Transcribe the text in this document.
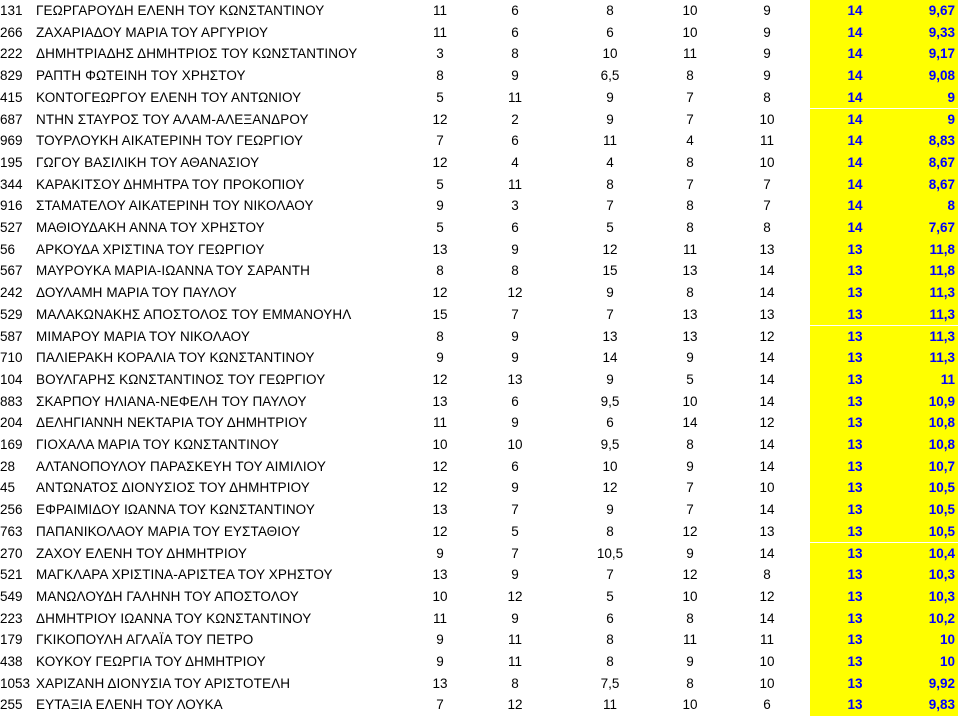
131 ΓΕΩΡΓΑΡΟΥΔΗ ΕΛΕΝΗ ΤΟΥ ΚΩΝΣΤΑΝΤΙΝΟΥ	11	6	8	10	9	14	9,67
266 ΖΑΧΑΡΙΑΔΟΥ ΜΑΡΙΑ ΤΟΥ ΑΡΓΥΡΙΟΥ	11	6	6	10	9	14	9,33
222 ΔΗΜΗΤΡΙΑΔΗΣ ΔΗΜΗΤΡΙΟΣ ΤΟΥ ΚΩΝΣΤΑΝΤΙΝΟΥ	3	8	10	11	9	14	9,17
829 ΡΑΠΤΗ ΦΩΤΕΙΝΗ ΤΟΥ ΧΡΗΣΤΟΥ	8	9	6,5	8	9	14	9,08
415 ΚΟΝΤΟΓΕΩΡΓΟΥ ΕΛΕΝΗ ΤΟΥ ΑΝΤΩΝΙΟΥ	5	11	9	7	8	14	9
687 ΝΤΗΝ ΣΤΑΥΡΟΣ ΤΟΥ ΑΛΑΜ-ΑΛΕΞΑΝΔΡΟΥ	12	2	9	7	10	14	9
969 ΤΟΥΡΛΟΥΚΗ ΑΙΚΑΤΕΡΙΝΗ ΤΟΥ ΓΕΩΡΓΙΟΥ	7	6	11	4	11	14	8,83
195 ΓΩΓΟΥ ΒΑΣΙΛΙΚΗ ΤΟΥ ΑΘΑΝΑΣΙΟΥ	12	4	4	8	10	14	8,67
344 ΚΑΡΑΚΙΤΣΟΥ ΔΗΜΗΤΡΑ ΤΟΥ ΠΡΟΚΟΠΙΟΥ	5	11	8	7	7	14	8,67
916 ΣΤΑΜΑΤΕΛΟΥ ΑΙΚΑΤΕΡΙΝΗ ΤΟΥ ΝΙΚΟΛΑΟΥ	9	3	7	8	7	14	8
527 ΜΑΘΙΟΥΔΑΚΗ ΑΝΝΑ ΤΟΥ ΧΡΗΣΤΟΥ	5	6	5	8	8	14	7,67
56	ΑΡΚΟΥΔΑ ΧΡΙΣΤΙΝΑ ΤΟΥ ΓΕΩΡΓΙΟΥ	13	9	12	11	13	13	11,8
567 ΜΑΥΡΟΥΚΑ ΜΑΡΙΑ-ΙΩΑΝΝΑ ΤΟΥ ΣΑΡΑΝΤΗ	8	8	15	13	14	13	11,8
242 ΔΟΥΛΑΜΗ ΜΑΡΙΑ ΤΟΥ ΠΑΥΛΟΥ	12	12	9	8	14	13	11,3
529 ΜΑΛΑΚΩΝΑΚΗΣ ΑΠΟΣΤΟΛΟΣ ΤΟΥ ΕΜΜΑΝΟΥΗΛ	15	7	7	13	13	13	11,3
587 ΜΙΜΑΡΟΥ ΜΑΡΙΑ ΤΟΥ ΝΙΚΟΛΑΟΥ	8	9	13	13	12	13	11,3
710 ΠΑΛΙΕΡΑΚΗ ΚΟΡΑΛΙΑ ΤΟΥ ΚΩΝΣΤΑΝΤΙΝΟΥ	9	9	14	9	14	13	11,3
104 ΒΟΥΛΓΑΡΗΣ ΚΩΝΣΤΑΝΤΙΝΟΣ ΤΟΥ ΓΕΩΡΓΙΟΥ	12	13	9	5	14	13	11
883 ΣΚΑΡΠΟΥ ΗΛΙΑΝΑ-ΝΕΦΕΛΗ ΤΟΥ ΠΑΥΛΟΥ	13	6	9,5	10	14	13	10,9
204 ΔΕΛΗΓΙΑΝΝΗ ΝΕΚΤΑΡΙΑ ΤΟΥ ΔΗΜΗΤΡΙΟΥ	11	9	6	14	12	13	10,8
169 ΓΙΟΧΑΛΑ ΜΑΡΙΑ ΤΟΥ ΚΩΝΣΤΑΝΤΙΝΟΥ	10	10	9,5	8	14	13	10,8
28	ΑΛΤΑΝΟΠΟΥΛΟΥ ΠΑΡΑΣΚΕΥΗ ΤΟΥ ΑΙΜΙΛΙΟΥ	12	6	10	9	14	13	10,7
45	ΑΝΤΩΝΑΤΟΣ ΔΙΟΝΥΣΙΟΣ ΤΟΥ ΔΗΜΗΤΡΙΟΥ	12	9	12	7	10	13	10,5
256 ΕΦΡΑΙΜΙΔΟΥ ΙΩΑΝΝΑ ΤΟΥ ΚΩΝΣΤΑΝΤΙΝΟΥ	13	7	9	7	14	13	10,5
763 ΠΑΠΑΝΙΚΟΛΑΟΥ ΜΑΡΙΑ ΤΟΥ ΕΥΣΤΑΘΙΟΥ	12	5	8	12	13	13	10,5
270 ΖΑΧΟΥ ΕΛΕΝΗ ΤΟΥ ΔΗΜΗΤΡΙΟΥ	9	7	10,5	9	14	13	10,4
521 ΜΑΓΚΛΑΡΑ ΧΡΙΣΤΙΝΑ-ΑΡΙΣΤΕΑ ΤΟΥ ΧΡΗΣΤΟΥ	13	9	7	12	8	13	10,3
549 ΜΑΝΩΛΟΥΔΗ ΓΑΛΗΝΗ ΤΟΥ ΑΠΟΣΤΟΛΟΥ	10	12	5	10	12	13	10,3
223 ΔΗΜΗΤΡΙΟΥ ΙΩΑΝΝΑ ΤΟΥ ΚΩΝΣΤΑΝΤΙΝΟΥ	11	9	6	8	14	13	10,2
179 ΓΚΙΚΟΠΟΥΛΗ ΑΓΛΑΪΑ ΤΟΥ ΠΕΤΡΟ	9	11	8	11	11	13	10
438 ΚΟΥΚΟΥ ΓΕΩΡΓΙΑ ΤΟΥ ΔΗΜΗΤΡΙΟΥ	9	11	8	9	10	13	10
1053 ΧΑΡΙΖΑΝΗ ΔΙΟΝΥΣΙΑ ΤΟΥ ΑΡΙΣΤΟΤΕΛΗ	13	8	7,5	8	10	13	9,92
255 ΕΥΤΑΞΙΑ ΕΛΕΝΗ ΤΟΥ ΛΟΥΚΑ	7	12	11	10	6	13	9,83
